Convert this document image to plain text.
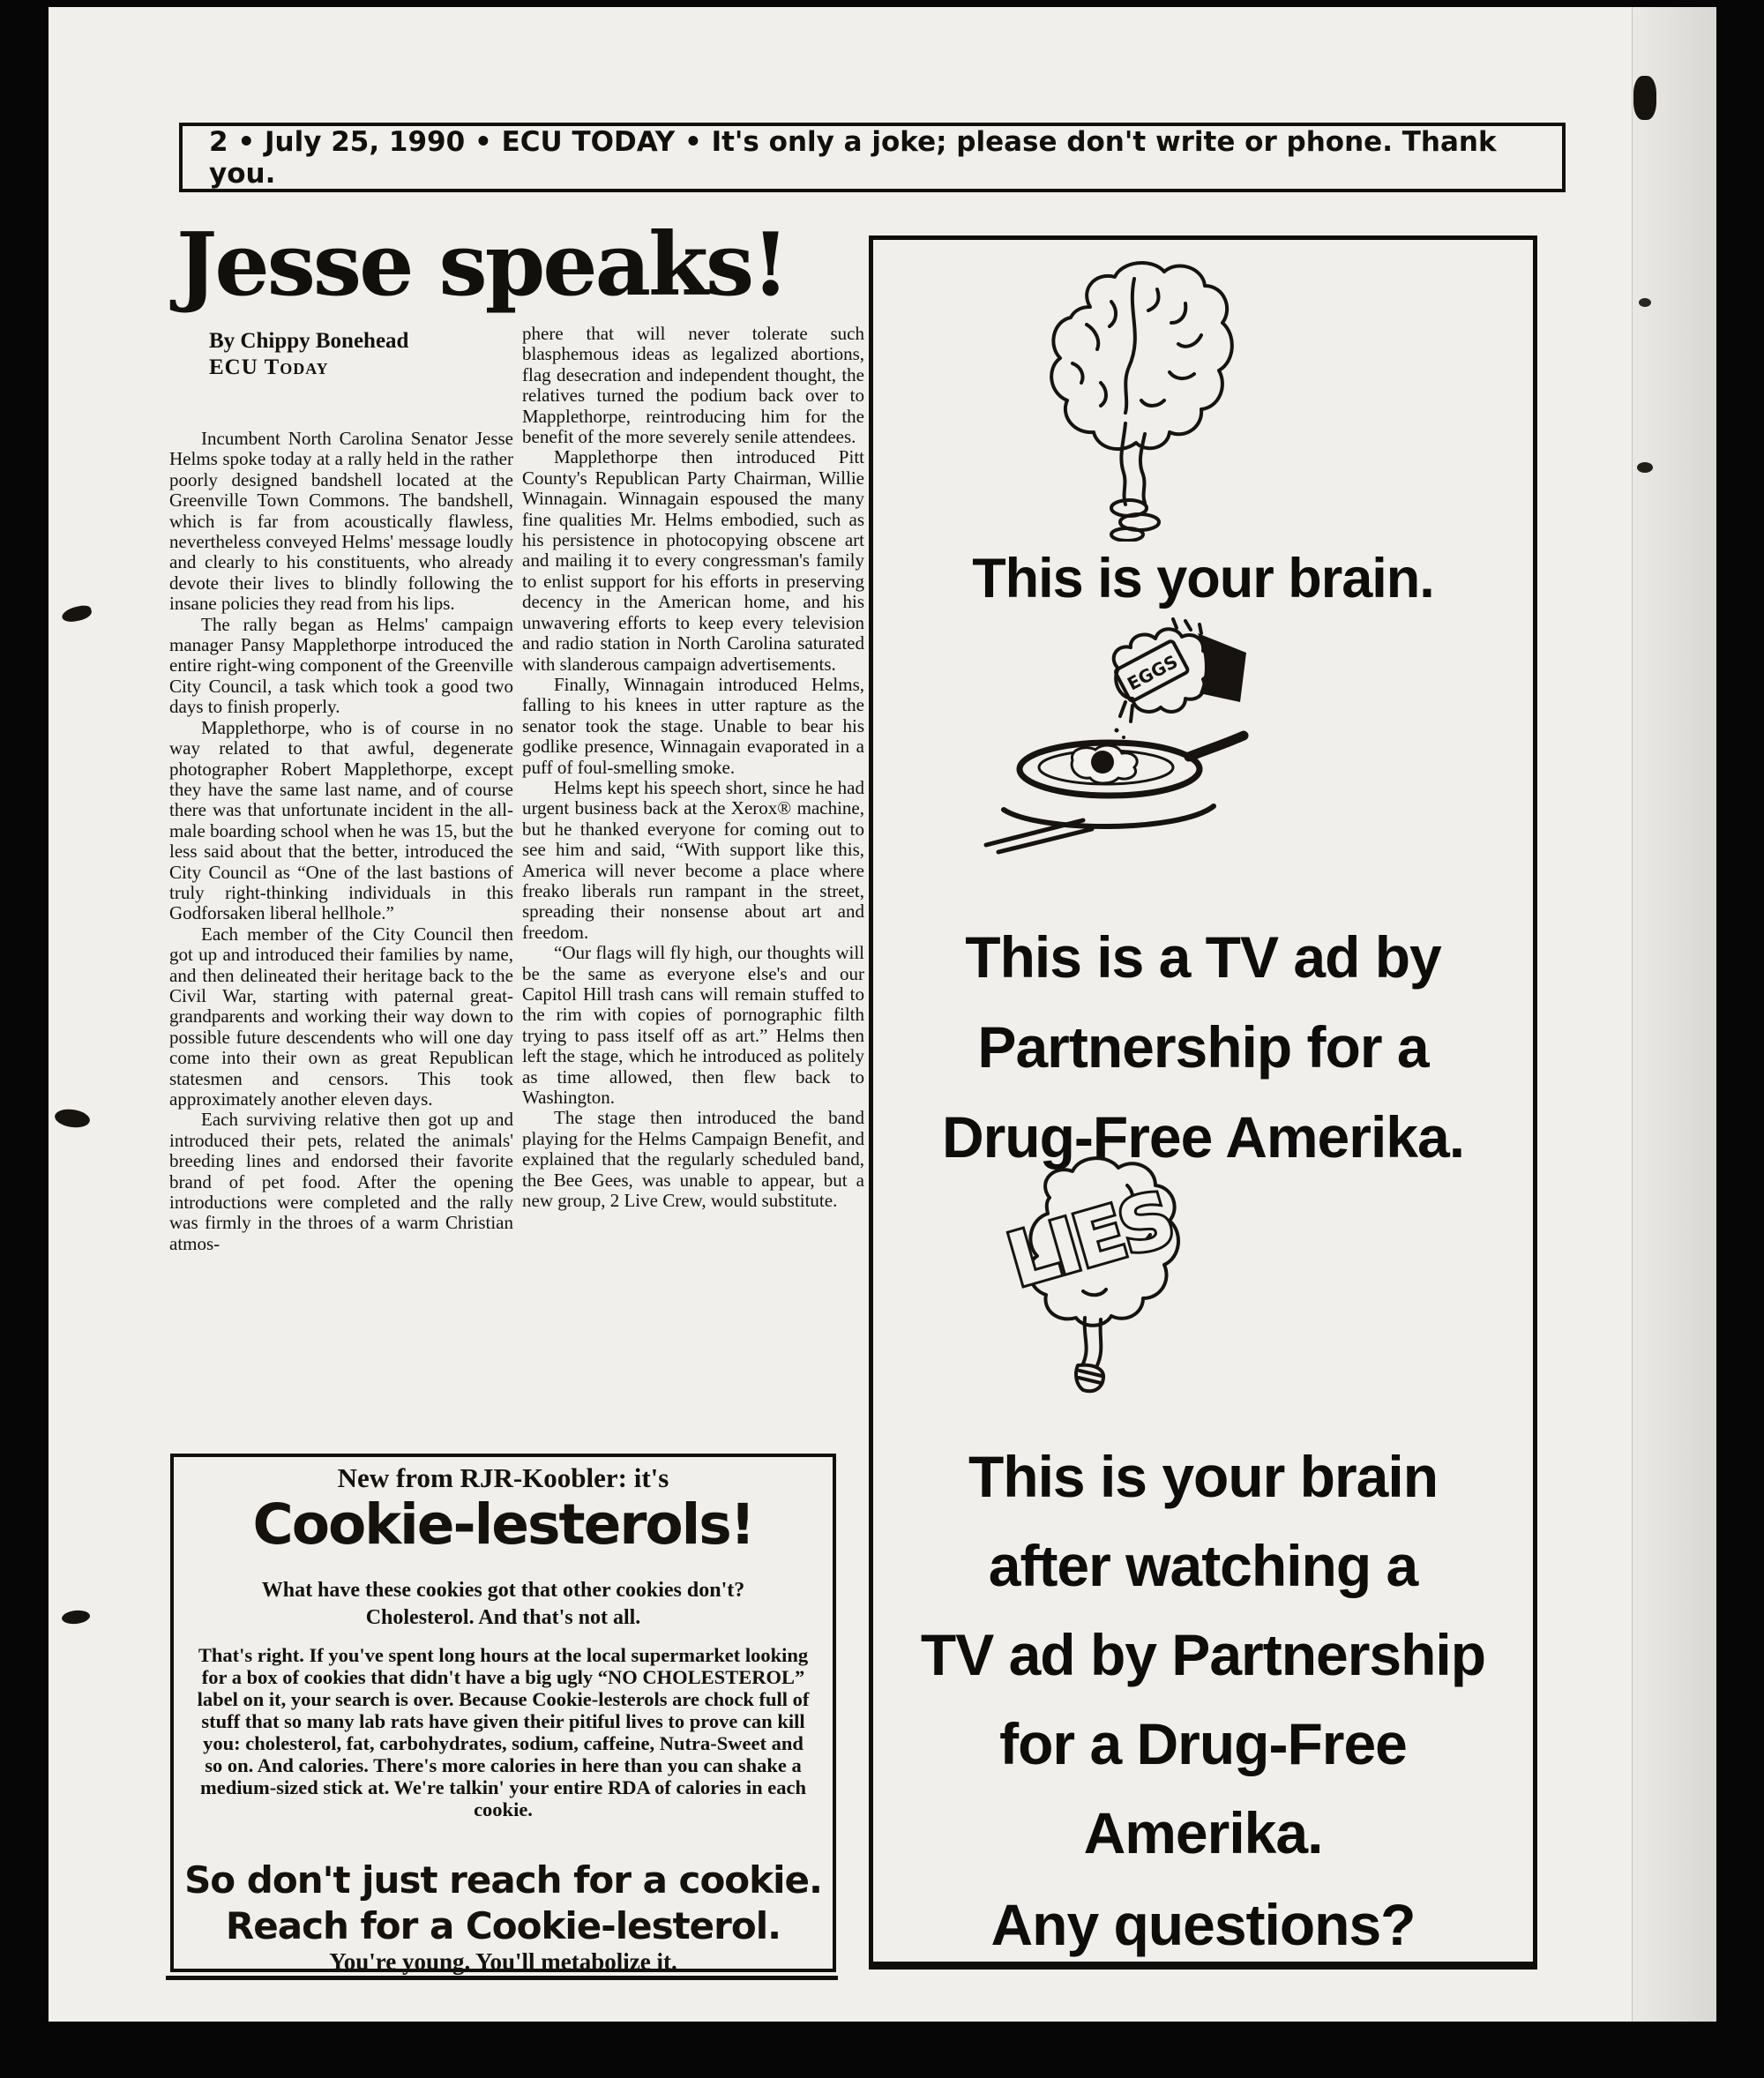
2 • July 25, 1990 • ECU TODAY • It's only a joke; please don't write or phone. Thank you.
Jesse speaks!
By Chippy Bonehead
ECU Today

Incumbent North Carolina Senator Jesse Helms spoke today at a rally held in the rather poorly designed bandshell located at the Greenville Town Commons. The bandshell, which is far from acoustically flawless, nevertheless conveyed Helms' message loudly and clearly to his constituents, who already devote their lives to blindly following the insane policies they read from his lips.

The rally began as Helms' campaign manager Pansy Mapplethorpe introduced the entire right-wing component of the Greenville City Council, a task which took a good two days to finish properly.

Mapplethorpe, who is of course in no way related to that awful, degenerate photographer Robert Mapplethorpe, except they have the same last name, and of course there was that unfortunate incident in the all-male boarding school when he was 15, but the less said about that the better, introduced the City Council as “One of the last bastions of truly right-thinking individuals in this Godforsaken liberal hellhole.”

Each member of the City Council then got up and introduced their families by name, and then delineated their heritage back to the Civil War, starting with paternal great-grandparents and working their way down to possible future descendents who will one day come into their own as great Republican statesmen and censors. This took approximately another eleven days.

Each surviving relative then got up and introduced their pets, related the animals' breeding lines and endorsed their favorite brand of pet food. After the opening introductions were completed and the rally was firmly in the throes of a warm Christian atmos-

phere that will never tolerate such blasphemous ideas as legalized abortions, flag desecration and independent thought, the relatives turned the podium back over to Mapplethorpe, reintroducing him for the benefit of the more severely senile attendees.

Mapplethorpe then introduced Pitt County's Republican Party Chairman, Willie Winnagain. Winnagain espoused the many fine qualities Mr. Helms embodied, such as his persistence in photocopying obscene art and mailing it to every congressman's family to enlist support for his efforts in preserving decency in the American home, and his unwavering efforts to keep every television and radio station in North Carolina saturated with slanderous campaign advertisements.

Finally, Winnagain introduced Helms, falling to his knees in utter rapture as the senator took the stage. Unable to bear his godlike presence, Winnagain evaporated in a puff of foul-smelling smoke.

Helms kept his speech short, since he had urgent business back at the Xerox® machine, but he thanked everyone for coming out to see him and said, “With support like this, America will never become a place where freako liberals run rampant in the street, spreading their nonsense about art and freedom.

“Our flags will fly high, our thoughts will be the same as everyone else's and our Capitol Hill trash cans will remain stuffed to the rim with copies of pornographic filth trying to pass itself off as art.” Helms then left the stage, which he introduced as politely as time allowed, then flew back to Washington.

The stage then introduced the band playing for the Helms Campaign Benefit, and explained that the regularly scheduled band, the Bee Gees, was unable to appear, but a new group, 2 Live Crew, would substitute.

New from RJR-Koobler: it's
Cookie-lesterols!
What have these cookies got that other cookies don't?
Cholesterol. And that's not all.
That's right. If you've spent long hours at the local supermarket looking for a box of cookies that didn't have a big ugly “NO CHOLESTEROL” label on it, your search is over. Because Cookie-lesterols are chock full of stuff that so many lab rats have given their pitiful lives to prove can kill you: cholesterol, fat, carbohydrates, sodium, caffeine, Nutra-Sweet and so on. And calories. There's more calories in here than you can shake a medium-sized stick at. We're talkin' your entire RDA of calories in each cookie.
So don't just reach for a cookie.
Reach for a Cookie-lesterol.
You're young. You'll metabolize it.
This is your brain.
EGGS
This is a TV ad by
Partnership for a
Drug-Free Amerika.
LIES
This is your brain
after watching a
TV ad by Partnership
for a Drug-Free
Amerika.
Any questions?
